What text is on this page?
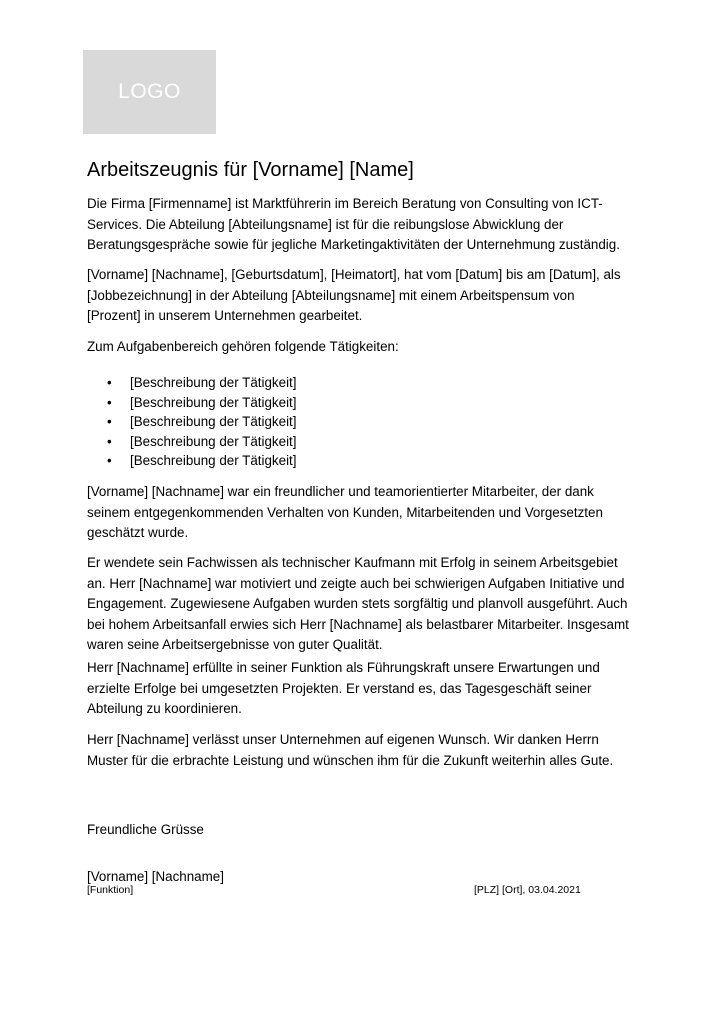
LOGO
Arbeitszeugnis für [Vorname] [Name]

Die Firma [Firmenname] ist Marktführerin im Bereich Beratung von Consulting von ICT-
Services. Die Abteilung [Abteilungsname] ist für die reibungslose Abwicklung der
Beratungsgespräche sowie für jegliche Marketingaktivitäten der Unternehmung zuständig.

[Vorname] [Nachname], [Geburtsdatum], [Heimatort], hat vom [Datum] bis am [Datum], als
[Jobbezeichnung] in der Abteilung [Abteilungsname] mit einem Arbeitspensum von
[Prozent] in unserem Unternehmen gearbeitet.

Zum Aufgabenbereich gehören folgende Tätigkeiten:

• [Beschreibung der Tätigkeit]
• [Beschreibung der Tätigkeit]
• [Beschreibung der Tätigkeit]
• [Beschreibung der Tätigkeit]
• [Beschreibung der Tätigkeit]

[Vorname] [Nachname] war ein freundlicher und teamorientierter Mitarbeiter, der dank
seinem entgegenkommenden Verhalten von Kunden, Mitarbeitenden und Vorgesetzten
geschätzt wurde.

Er wendete sein Fachwissen als technischer Kaufmann mit Erfolg in seinem Arbeitsgebiet
an. Herr [Nachname] war motiviert und zeigte auch bei schwierigen Aufgaben Initiative und
Engagement. Zugewiesene Aufgaben wurden stets sorgfältig und planvoll ausgeführt. Auch
bei hohem Arbeitsanfall erwies sich Herr [Nachname] als belastbarer Mitarbeiter. Insgesamt
waren seine Arbeitsergebnisse von guter Qualität.

Herr [Nachname] erfüllte in seiner Funktion als Führungskraft unsere Erwartungen und
erzielte Erfolge bei umgesetzten Projekten. Er verstand es, das Tagesgeschäft seiner
Abteilung zu koordinieren.

Herr [Nachname] verlässt unser Unternehmen auf eigenen Wunsch. Wir danken Herrn
Muster für die erbrachte Leistung und wünschen ihm für die Zukunft weiterhin alles Gute.

Freundliche Grüsse

[Vorname] [Nachname]

[Funktion]	[PLZ] [Ort], 03.04.2021
